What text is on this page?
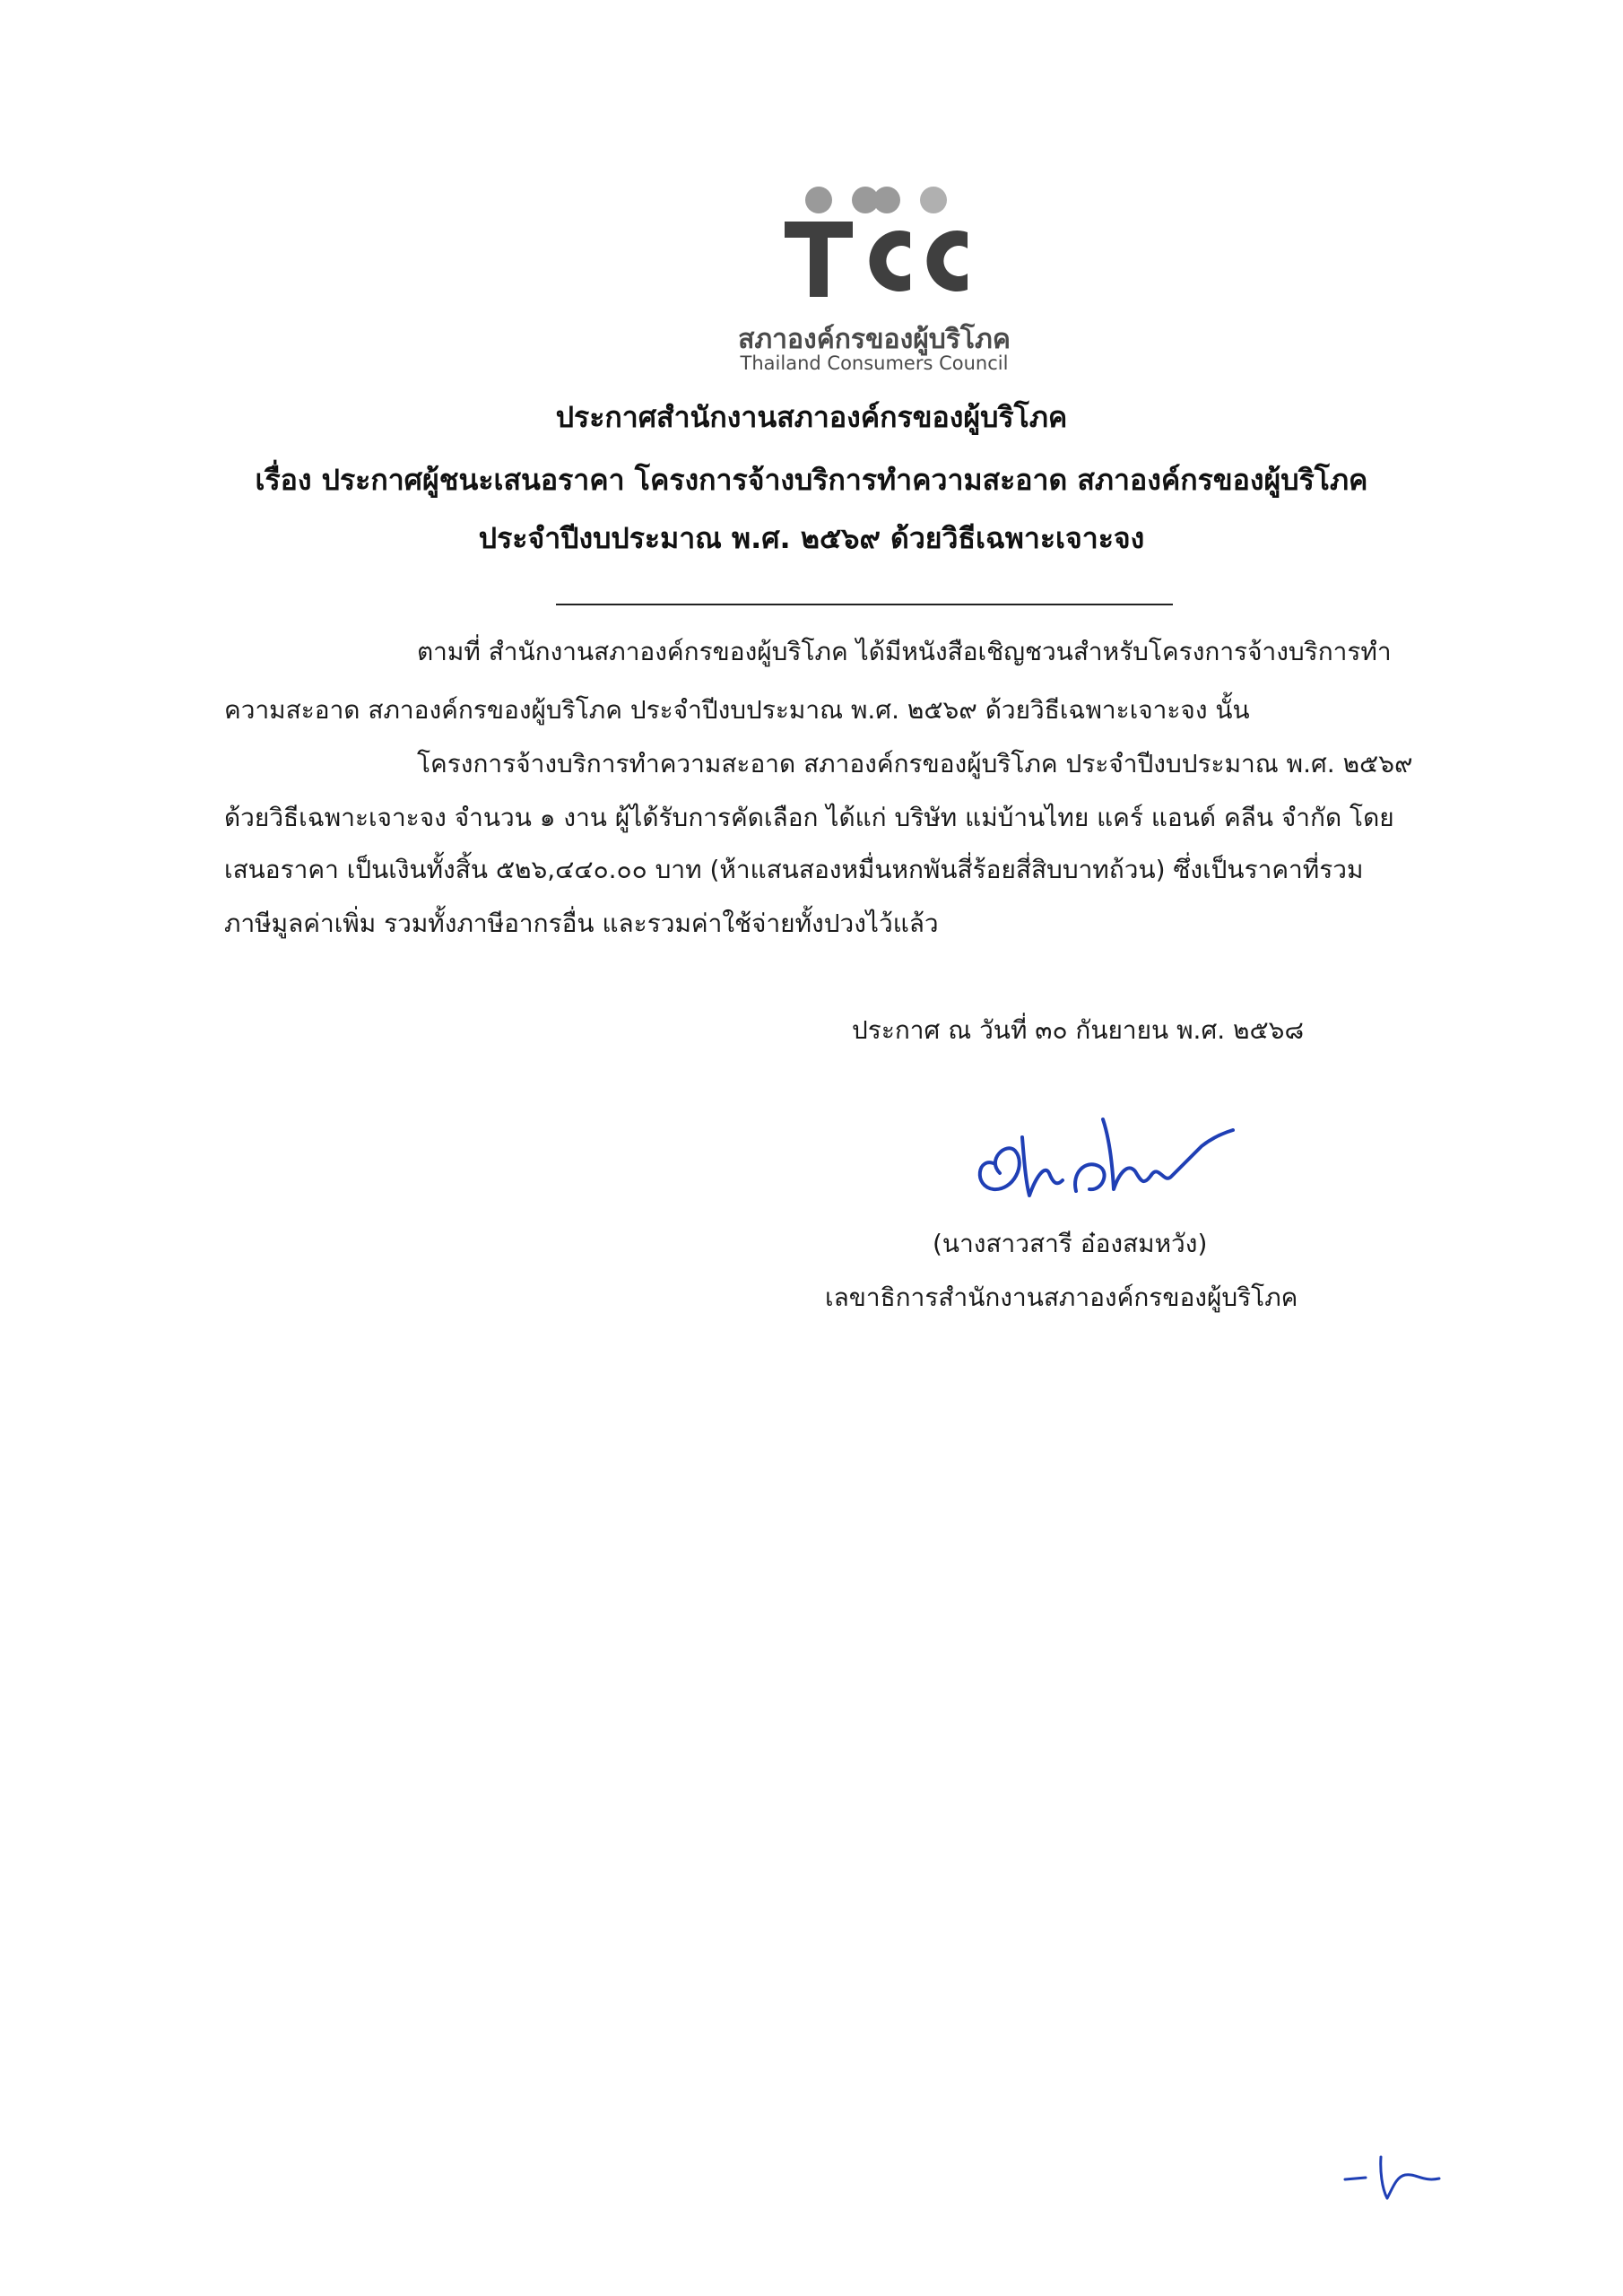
สภาองค์กรของผู้บริโภค
Thailand Consumers Council
ประกาศสำนักงานสภาองค์กรของผู้บริโภค
เรื่อง ประกาศผู้ชนะเสนอราคา โครงการจ้างบริการทำความสะอาด สภาองค์กรของผู้บริโภค
ประจำปีงบประมาณ พ.ศ. ๒๕๖๙ ด้วยวิธีเฉพาะเจาะจง
ตามที่ สำนักงานสภาองค์กรของผู้บริโภค ได้มีหนังสือเชิญชวนสำหรับโครงการจ้างบริการทำ
ความสะอาด สภาองค์กรของผู้บริโภค ประจำปีงบประมาณ พ.ศ. ๒๕๖๙ ด้วยวิธีเฉพาะเจาะจง นั้น
โครงการจ้างบริการทำความสะอาด สภาองค์กรของผู้บริโภค ประจำปีงบประมาณ พ.ศ. ๒๕๖๙
ด้วยวิธีเฉพาะเจาะจง จำนวน ๑ งาน ผู้ได้รับการคัดเลือก ได้แก่ บริษัท แม่บ้านไทย แคร์ แอนด์ คลีน จำกัด โดย
เสนอราคา เป็นเงินทั้งสิ้น ๕๒๖,๔๔๐.๐๐ บาท (ห้าแสนสองหมื่นหกพันสี่ร้อยสี่สิบบาทถ้วน) ซึ่งเป็นราคาที่รวม
ภาษีมูลค่าเพิ่ม รวมทั้งภาษีอากรอื่น และรวมค่าใช้จ่ายทั้งปวงไว้แล้ว
ประกาศ ณ วันที่ ๓๐ กันยายน พ.ศ. ๒๕๖๘
(นางสาวสารี อ๋องสมหวัง)
เลขาธิการสำนักงานสภาองค์กรของผู้บริโภค
